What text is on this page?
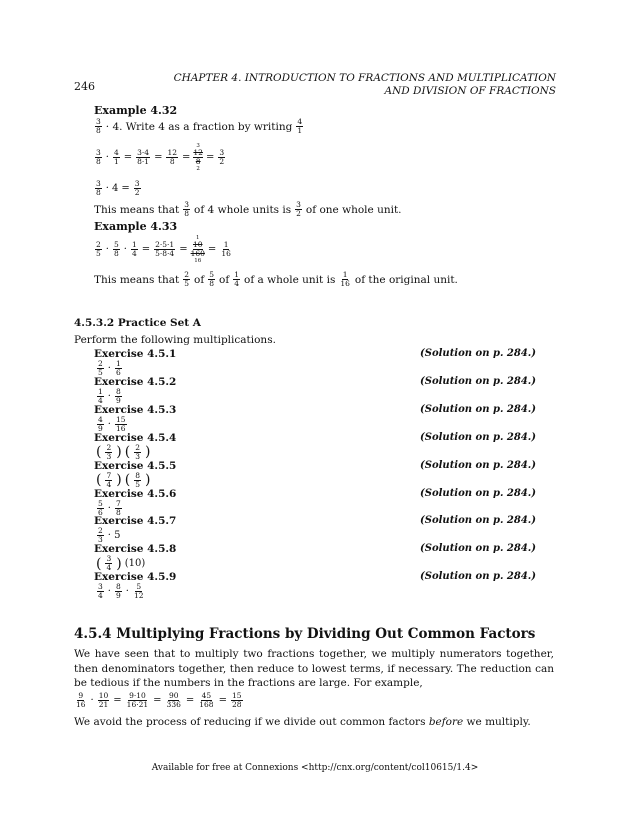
246
CHAPTER 4. INTRODUCTION TO FRACTIONS AND MULTIPLICATION
AND DIVISION OF FRACTIONS
Example 4.32
$\frac{3}{8} \cdot 4$. Write 4 as a fraction by writing $\frac{4}{1}$
$\frac{3}{8} \cdot \frac{4}{1} = \frac{3\cdot 4}{8\cdot 1} = \frac{12}{8}$ =
3
12
8
2
= $\frac{3}{2}$
$\frac{3}{8} \cdot 4 = \frac{3}{2}$
This means that $\frac{3}{8}$ of 4 whole units is $\frac{3}{2}$ of one whole unit.
Example 4.33
$\frac{2}{5} \cdot \frac{5}{8} \cdot \frac{1}{4} = \frac{2\cdot 5\cdot 1}{5\cdot 8\cdot 4}$ =
1
10
160
16
= $\frac{1}{16}$
This means that $\frac{2}{5}$ of $\frac{5}{8}$ of $\frac{1}{4}$ of a whole unit is $\frac{1}{16}$ of the original unit.
4.5.3.2 Practice Set A
Perform the following multiplications.
Exercise 4.5.1	(Solution on p. 284.)
$\frac{2}{5} \cdot \frac{1}{6}$
Exercise 4.5.2	(Solution on p. 284.)
$\frac{1}{4} \cdot \frac{8}{9}$
Exercise 4.5.3	(Solution on p. 284.)
$\frac{4}{9} \cdot \frac{15}{16}$
Exercise 4.5.4	(Solution on p. 284.)
( $\frac{2}{3}$ ) ( $\frac{2}{3}$ )
Exercise 4.5.5	(Solution on p. 284.)
( $\frac{7}{4}$ ) ( $\frac{8}{5}$ )
Exercise 4.5.6	(Solution on p. 284.)
$\frac{5}{6} \cdot \frac{7}{8}$
Exercise 4.5.7	(Solution on p. 284.)
$\frac{2}{3} \cdot 5$
Exercise 4.5.8	(Solution on p. 284.)
( $\frac{3}{4}$ ) (10)
Exercise 4.5.9	(Solution on p. 284.)
$\frac{3}{4} \cdot \frac{8}{9} \cdot \frac{5}{12}$
4.5.4 Multiplying Fractions by Dividing Out Common Factors
We have seen that to multiply two fractions together, we multiply numerators together, then denominators together, then reduce to lowest terms, if necessary. The reduction can be tedious if the numbers in the fractions are large. For example,
$\frac{9}{16} \cdot \frac{10}{21} = \frac{9\cdot 10}{16\cdot 21} = \frac{90}{336} = \frac{45}{168} = \frac{15}{28}$
We avoid the process of reducing if we divide out common factors before we multiply.
Available for free at Connexions <http://cnx.org/content/col10615/1.4>
